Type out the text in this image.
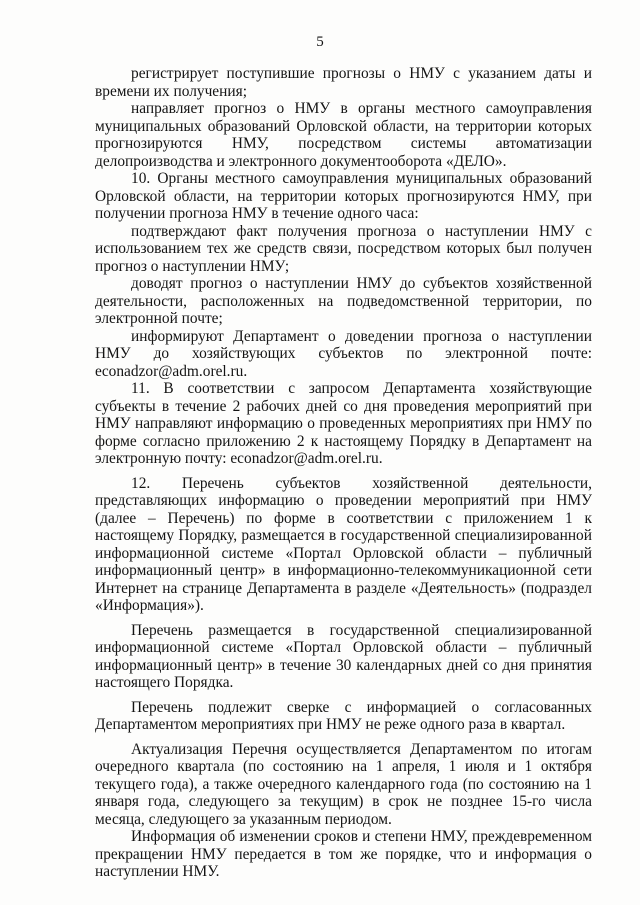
5

регистрирует поступившие прогнозы о НМУ с указанием даты и времени их получения;

направляет прогноз о НМУ в органы местного самоуправления муниципальных образований Орловской области, на территории которых прогнозируются НМУ, посредством системы автоматизации делопроизводства и электронного документооборота «ДЕЛО».

10. Органы местного самоуправления муниципальных образований Орловской области, на территории которых прогнозируются НМУ, при получении прогноза НМУ в течение одного часа:

подтверждают факт получения прогноза о наступлении НМУ с использованием тех же средств связи, посредством которых был получен прогноз о наступлении НМУ;

доводят прогноз о наступлении НМУ до субъектов хозяйственной деятельности, расположенных на подведомственной территории, по электронной почте;

информируют Департамент о доведении прогноза о наступлении НМУ до хозяйствующих субъектов по электронной почте: econadzor@adm.orel.ru.

11. В соответствии с запросом Департамента хозяйствующие субъекты в течение 2 рабочих дней со дня проведения мероприятий при НМУ направляют информацию о проведенных мероприятиях при НМУ по форме согласно приложению 2 к настоящему Порядку в Департамент на электронную почту: econadzor@adm.orel.ru.

12. Перечень субъектов хозяйственной деятельности, представляющих информацию о проведении мероприятий при НМУ (далее – Перечень) по форме в соответствии с приложением 1 к настоящему Порядку, размещается в государственной специализированной информационной системе «Портал Орловской области – публичный информационный центр» в информационно-телекоммуникационной сети Интернет на странице Департамента в разделе «Деятельность» (подраздел «Информация»).

Перечень размещается в государственной специализированной информационной системе «Портал Орловской области – публичный информационный центр» в течение 30 календарных дней со дня принятия настоящего Порядка.

Перечень подлежит сверке с информацией о согласованных Департаментом мероприятиях при НМУ не реже одного раза в квартал.

Актуализация Перечня осуществляется Департаментом по итогам очередного квартала (по состоянию на 1 апреля, 1 июля и 1 октября текущего года), а также очередного календарного года (по состоянию на 1 января года, следующего за текущим) в срок не позднее 15-го числа месяца, следующего за указанным периодом.

Информация об изменении сроков и степени НМУ, преждевременном прекращении НМУ передается в том же порядке, что и информация о наступлении НМУ.
